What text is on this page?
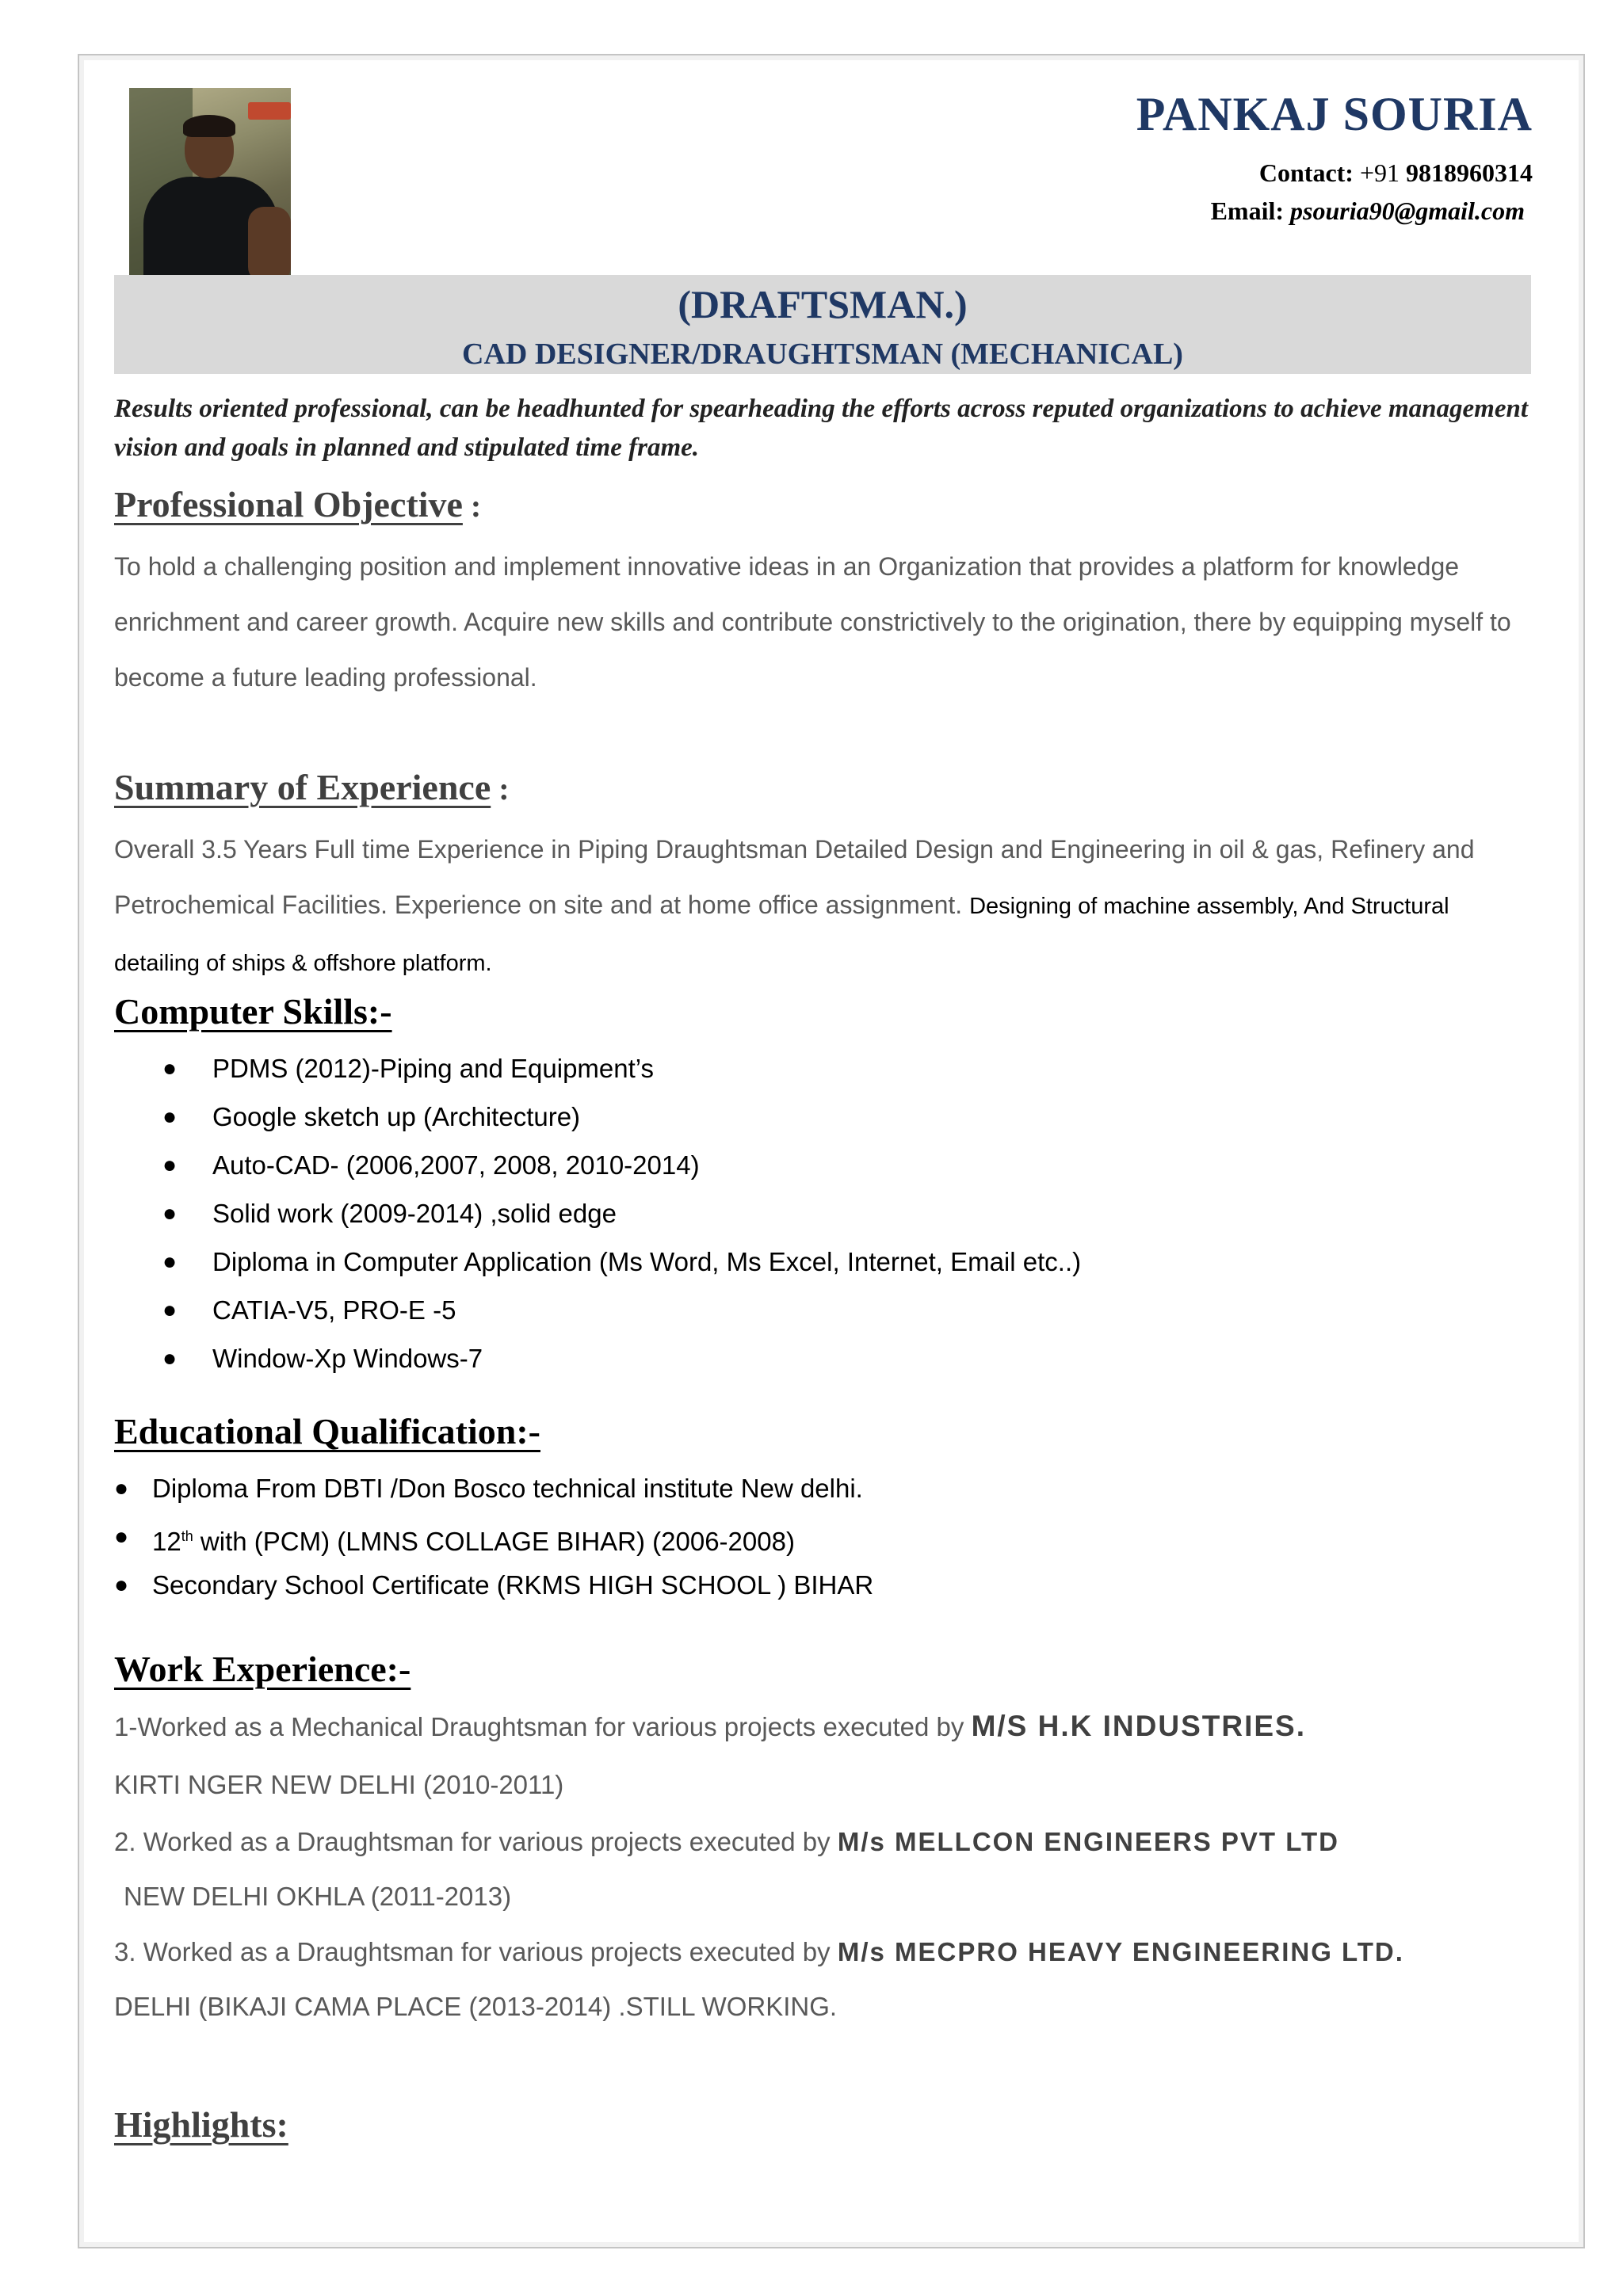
PANKAJ SOURIA
Contact: +91 9818960314
Email: psouria90@gmail.com
(DRAFTSMAN.)
CAD DESIGNER/DRAUGHTSMAN (MECHANICAL)
Results oriented professional, can be headhunted for spearheading the efforts across reputed organizations to achieve management vision and goals in planned and stipulated time frame.
Professional Objective :
To hold a challenging position and implement innovative ideas in an Organization that provides a platform for knowledge enrichment and career growth. Acquire new skills and contribute constrictively to the origination, there by equipping myself to become a future leading professional.
Summary of Experience :
Overall 3.5 Years Full time Experience in Piping Draughtsman Detailed Design and Engineering in oil & gas, Refinery and Petrochemical Facilities. Experience on site and at home office assignment. Designing of machine assembly, And Structural detailing of ships & offshore platform.
Computer Skills:-
● PDMS (2012)-Piping and Equipment’s
● Google sketch up (Architecture)
● Auto-CAD- (2006,2007, 2008, 2010-2014)
● Solid work (2009-2014) ,solid edge
● Diploma in Computer Application (Ms Word, Ms Excel, Internet, Email etc..)
● CATIA-V5, PRO-E -5
● Window-Xp Windows-7
Educational Qualification:-
● Diploma From DBTI /Don Bosco technical institute New delhi.
● 12th with (PCM) (LMNS COLLAGE BIHAR) (2006-2008)
● Secondary School Certificate (RKMS HIGH SCHOOL ) BIHAR
Work Experience:-
1-Worked as a Mechanical Draughtsman for various projects executed by M/S H.K INDUSTRIES.
KIRTI NGER NEW DELHI (2010-2011)
2. Worked as a Draughtsman for various projects executed by M/s MELLCON ENGINEERS PVT LTD
NEW DELHI OKHLA (2011-2013)
3. Worked as a Draughtsman for various projects executed by M/s MECPRO HEAVY ENGINEERING LTD.
DELHI (BIKAJI CAMA PLACE (2013-2014) .STILL WORKING.
Highlights:
